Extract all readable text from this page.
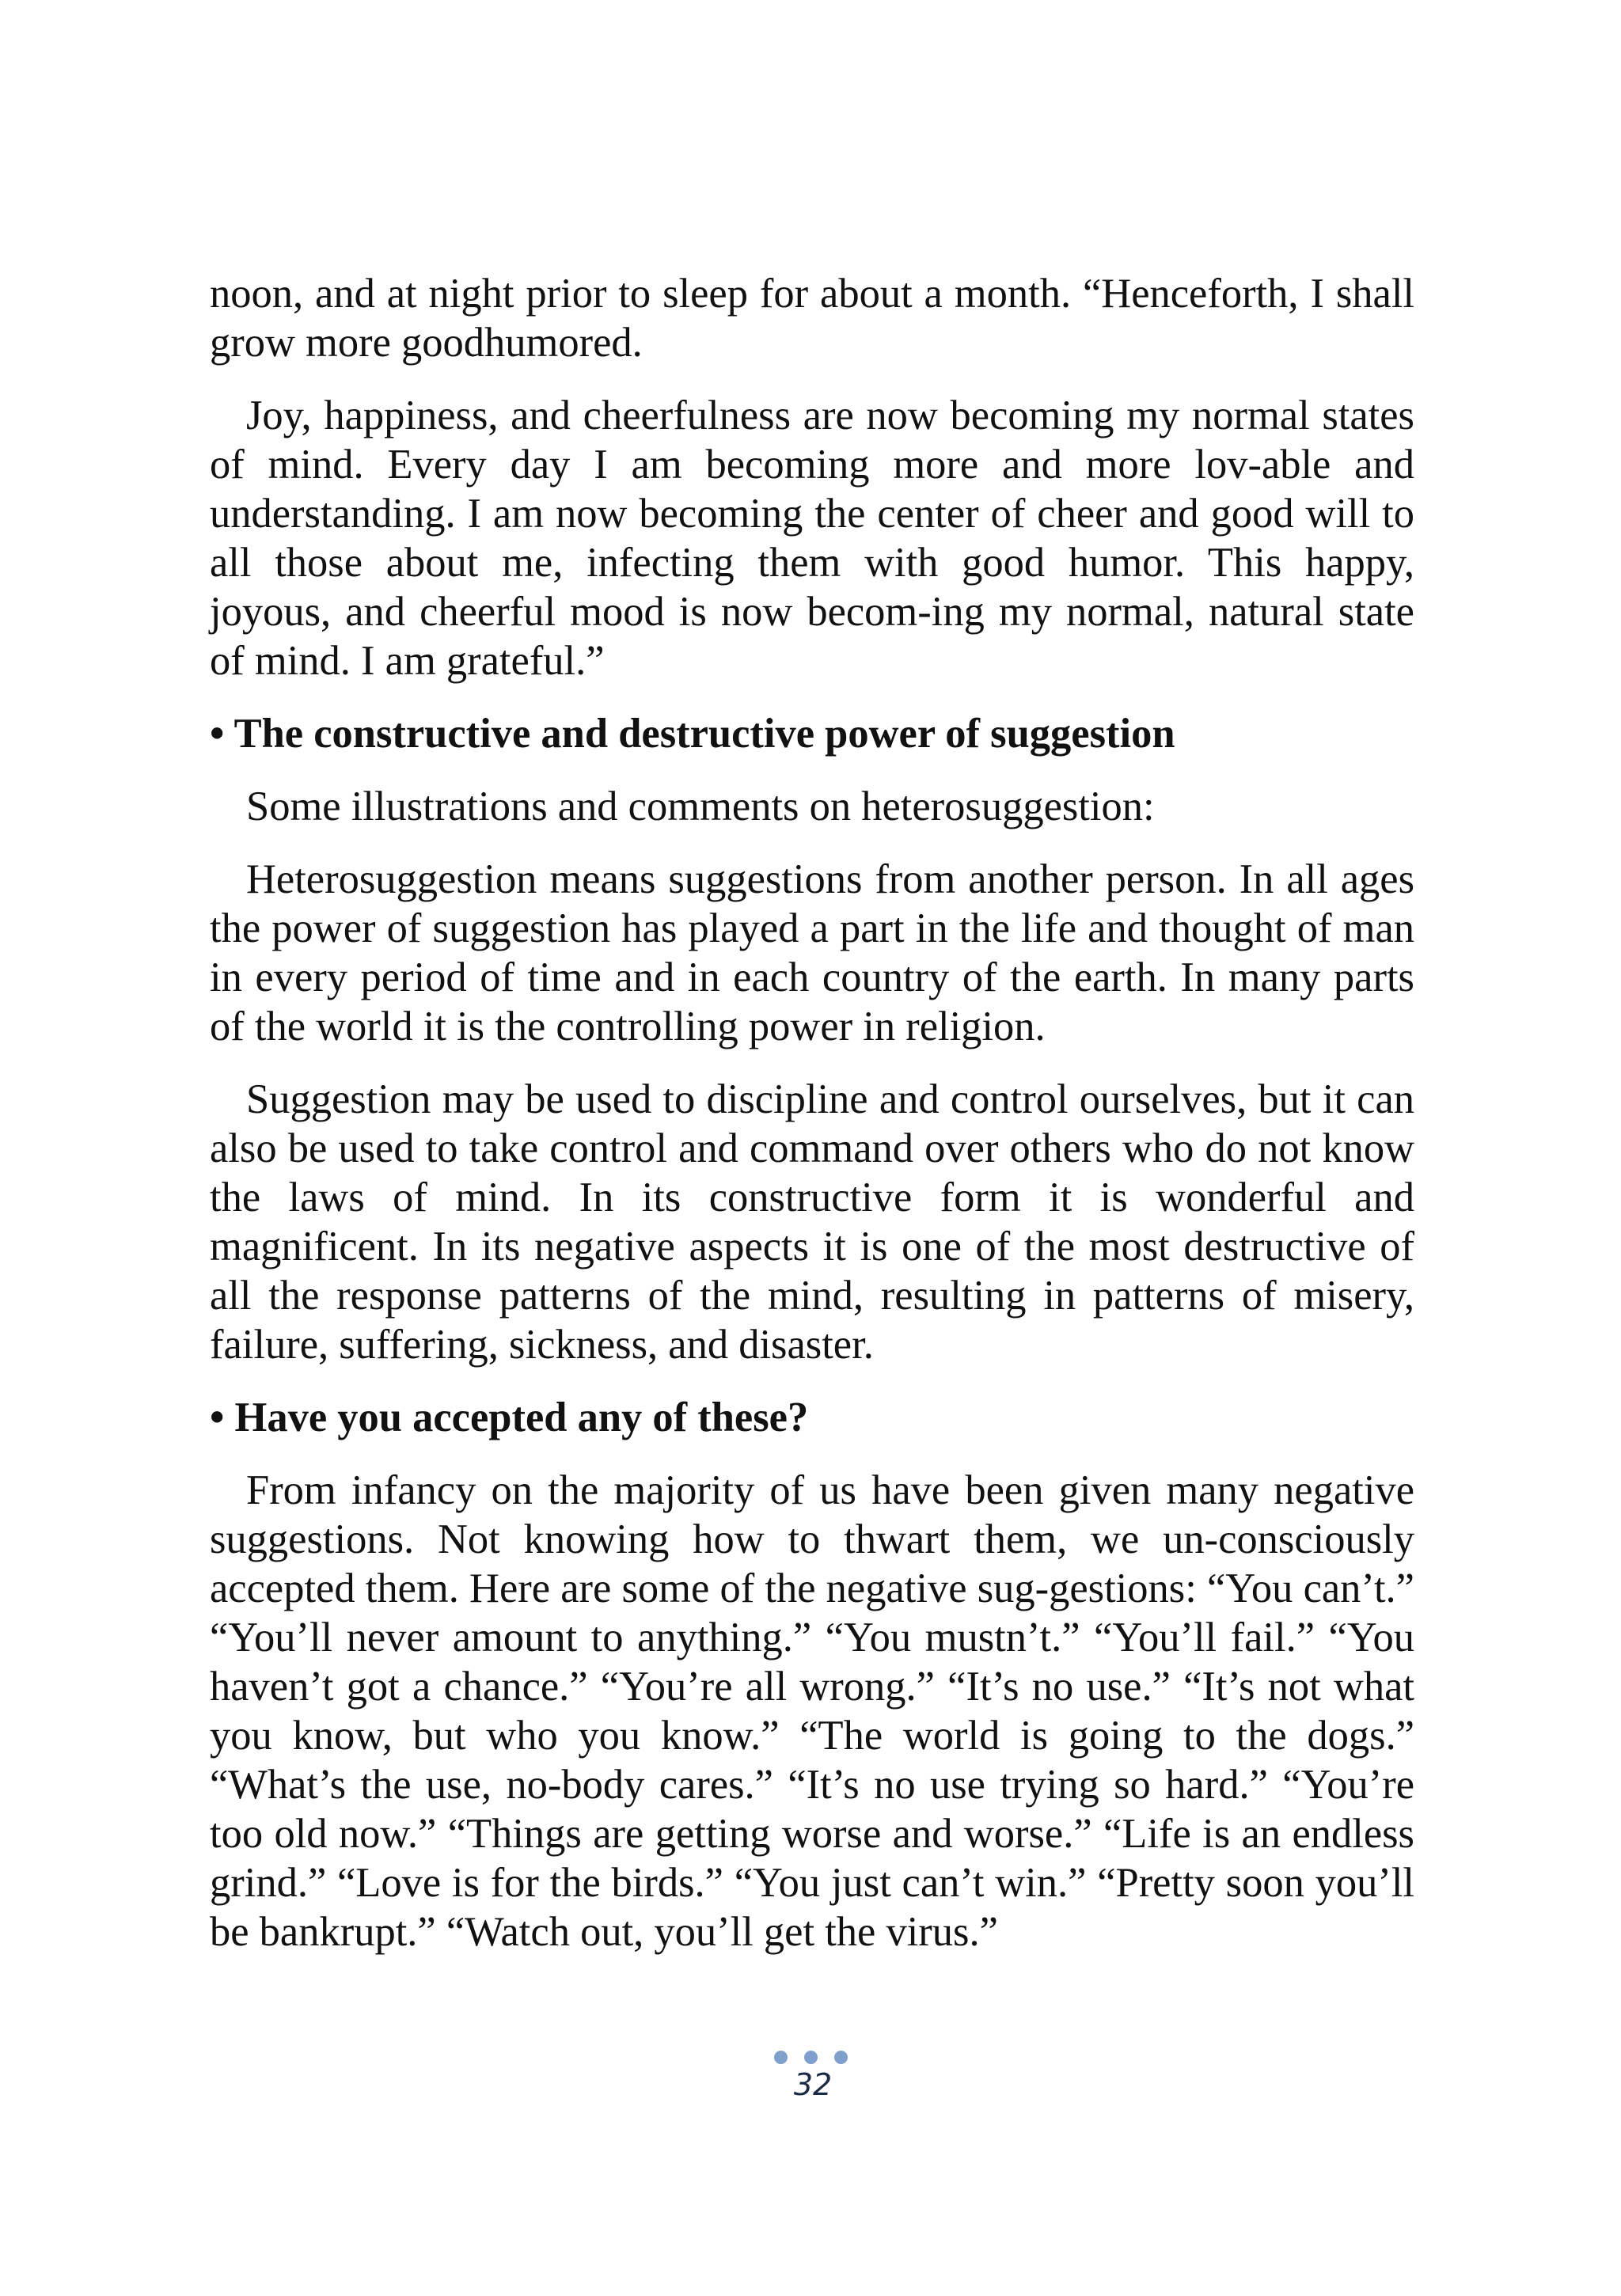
noon, and at night prior to sleep for about a month. “Henceforth, I shall grow more goodhumored.

Joy, happiness, and cheerfulness are now becoming my normal states of mind. Every day I am becoming more and more lov-able and understanding. I am now becoming the center of cheer and good will to all those about me, infecting them with good humor. This happy, joyous, and cheerful mood is now becom-ing my normal, natural state of mind. I am grateful.”

• The constructive and destructive power of suggestion

Some illustrations and comments on heterosuggestion:

Heterosuggestion means suggestions from another person. In all ages the power of suggestion has played a part in the life and thought of man in every period of time and in each country of the earth. In many parts of the world it is the controlling power in religion.

Suggestion may be used to discipline and control ourselves, but it can also be used to take control and command over others who do not know the laws of mind. In its constructive form it is wonderful and magnificent. In its negative aspects it is one of the most destructive of all the response patterns of the mind, resulting in patterns of misery, failure, suffering, sickness, and disaster.

• Have you accepted any of these?

From infancy on the majority of us have been given many negative suggestions. Not knowing how to thwart them, we un-consciously accepted them. Here are some of the negative sug-gestions: “You can’t.” “You’ll never amount to anything.” “You mustn’t.” “You’ll fail.” “You haven’t got a chance.” “You’re all wrong.” “It’s no use.” “It’s not what you know, but who you know.” “The world is going to the dogs.” “What’s the use, no-body cares.” “It’s no use trying so hard.” “You’re too old now.” “Things are getting worse and worse.” “Life is an endless grind.” “Love is for the birds.” “You just can’t win.” “Pretty soon you’ll be bankrupt.” “Watch out, you’ll get the virus.”

32
